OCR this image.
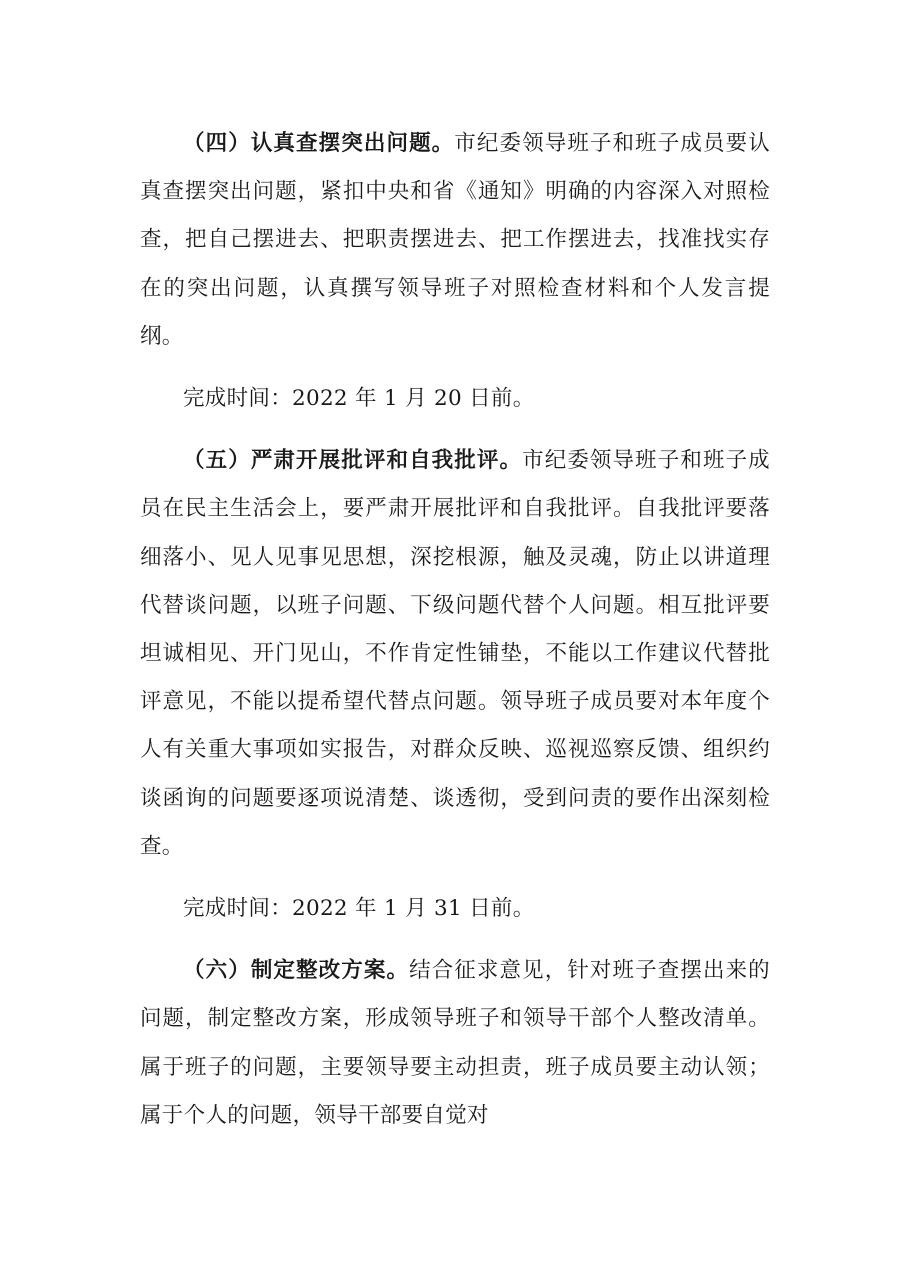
（四）认真查摆突出问题。市纪委领导班子和班子成员要认真查摆突出问题，紧扣中央和省《通知》明确的内容深入对照检查，把自己摆进去、把职责摆进去、把工作摆进去，找准找实存在的突出问题，认真撰写领导班子对照检查材料和个人发言提纲。

完成时间：2022 年 1 月 20 日前。

（五）严肃开展批评和自我批评。市纪委领导班子和班子成员在民主生活会上，要严肃开展批评和自我批评。自我批评要落细落小、见人见事见思想，深挖根源，触及灵魂，防止以讲道理代替谈问题，以班子问题、下级问题代替个人问题。相互批评要坦诚相见、开门见山，不作肯定性铺垫，不能以工作建议代替批评意见，不能以提希望代替点问题。领导班子成员要对本年度个人有关重大事项如实报告，对群众反映、巡视巡察反馈、组织约谈函询的问题要逐项说清楚、谈透彻，受到问责的要作出深刻检查。

完成时间：2022 年 1 月 31 日前。

（六）制定整改方案。结合征求意见，针对班子查摆出来的问题，制定整改方案，形成领导班子和领导干部个人整改清单。属于班子的问题，主要领导要主动担责，班子成员要主动认领；属于个人的问题，领导干部要自觉对
